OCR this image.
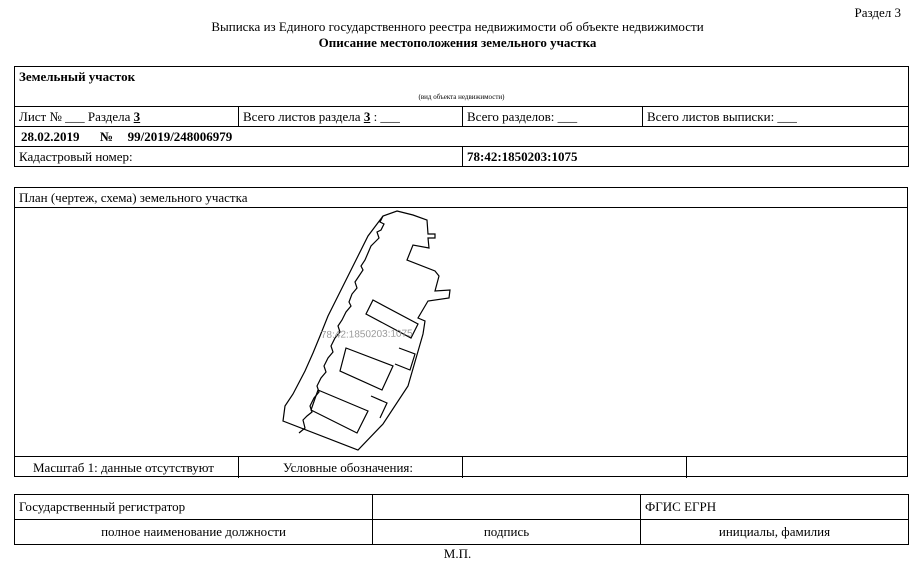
Раздел 3
Выписка из Единого государственного реестра недвижимости об объекте недвижимости
Описание местоположения земельного участка
Земельный участок
(вид объекта недвижимости)			

Лист № ___ Раздела 3	Всего листов раздела 3 : ___	Всего разделов: ___	Всего листов выписки: ___
28.02.2019 № 99/2019/248006979			
Кадастровый номер:		78:42:1850203:1075	
План (чертеж, схема) земельного участка
78:42:1850203:1075
Масштаб 1: данные отсутствуют	Условные обозначения:
Государственный регистратор		ФГИС ЕГРН
полное наименование должности	подпись	инициалы, фамилия
М.П.
